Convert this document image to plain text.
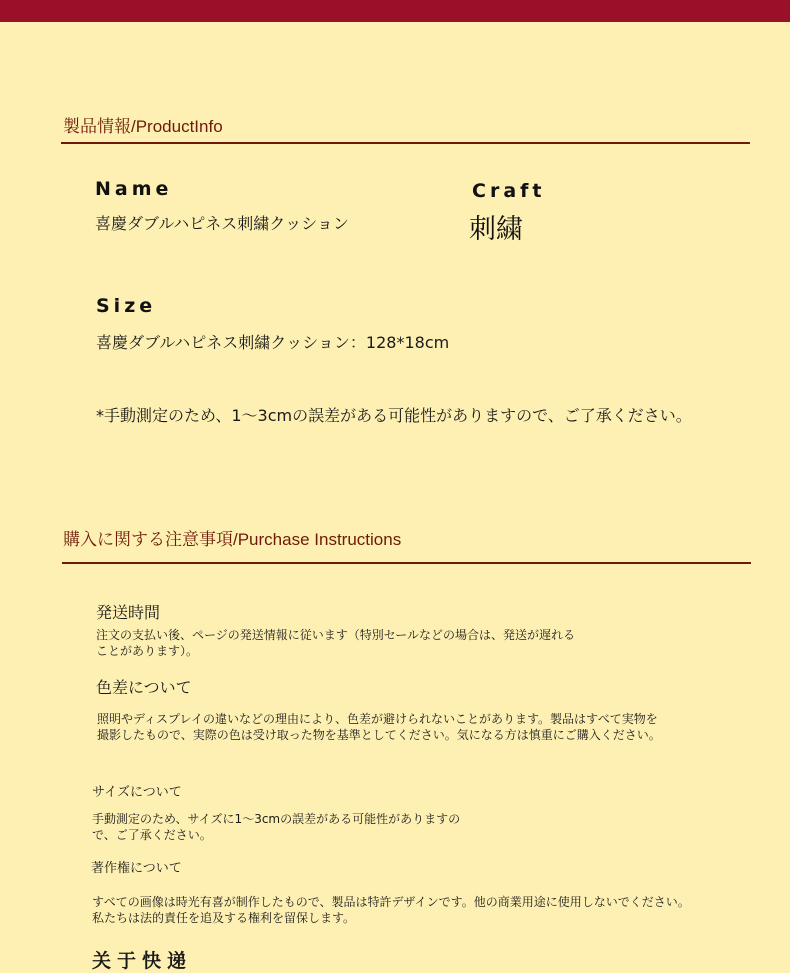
製品情報/ProductInfo
Name
喜慶ダブルハピネス刺繍クッション
Craft
刺繍
Size
喜慶ダブルハピネス刺繍クッション：128*18cm
*手動測定のため、1〜3cmの誤差がある可能性がありますので、ご了承ください。
購入に関する注意事項/Purchase Instructions
発送時間
注文の支払い後、ページの発送情報に従います（特別セールなどの場合は、発送が遅れる
ことがあります）。
色差について
照明やディスプレイの違いなどの理由により、色差が避けられないことがあります。製品はすべて実物を
撮影したもので、実際の色は受け取った物を基準としてください。気になる方は慎重にご購入ください。
サイズについて
手動測定のため、サイズに1〜3cmの誤差がある可能性がありますの
で、ご了承ください。
著作権について
すべての画像は時光有喜が制作したもので、製品は特許デザインです。他の商業用途に使用しないでください。
私たちは法的責任を追及する権利を留保します。
关于快递
